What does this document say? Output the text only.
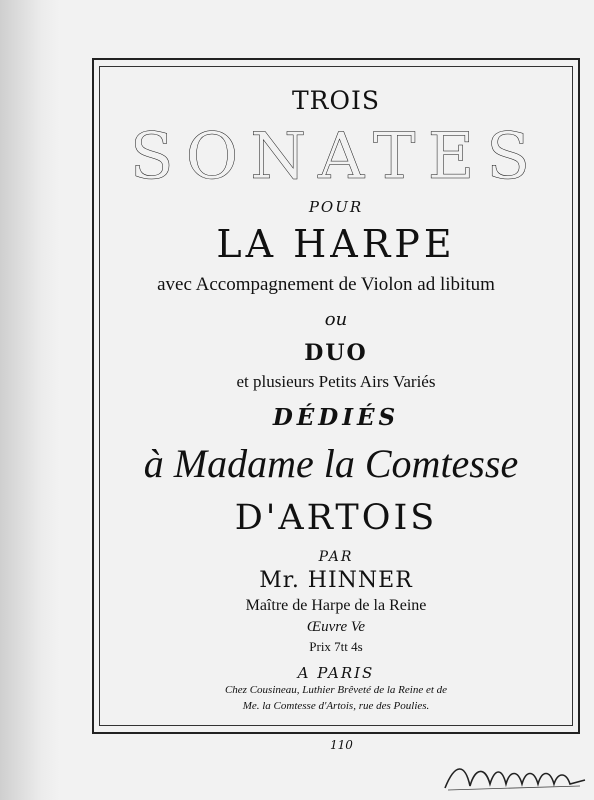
TROIS
SONATES
POUR
LA HARPE
avec Accompagnement de Violon ad libitum
ou
DUO
et plusieurs Petits Airs Variés
DÉDIÉS
à Madame la Comtesse
D'ARTOIS
PAR
Mr. HINNER
Maître de Harpe de la Reine
Œuvre Ve
Prix 7tt 4s
A PARIS
Chez Cousineau, Luthier Brêveté de la Reine et de
Me. la Comtesse d'Artois, rue des Poulies.
110
